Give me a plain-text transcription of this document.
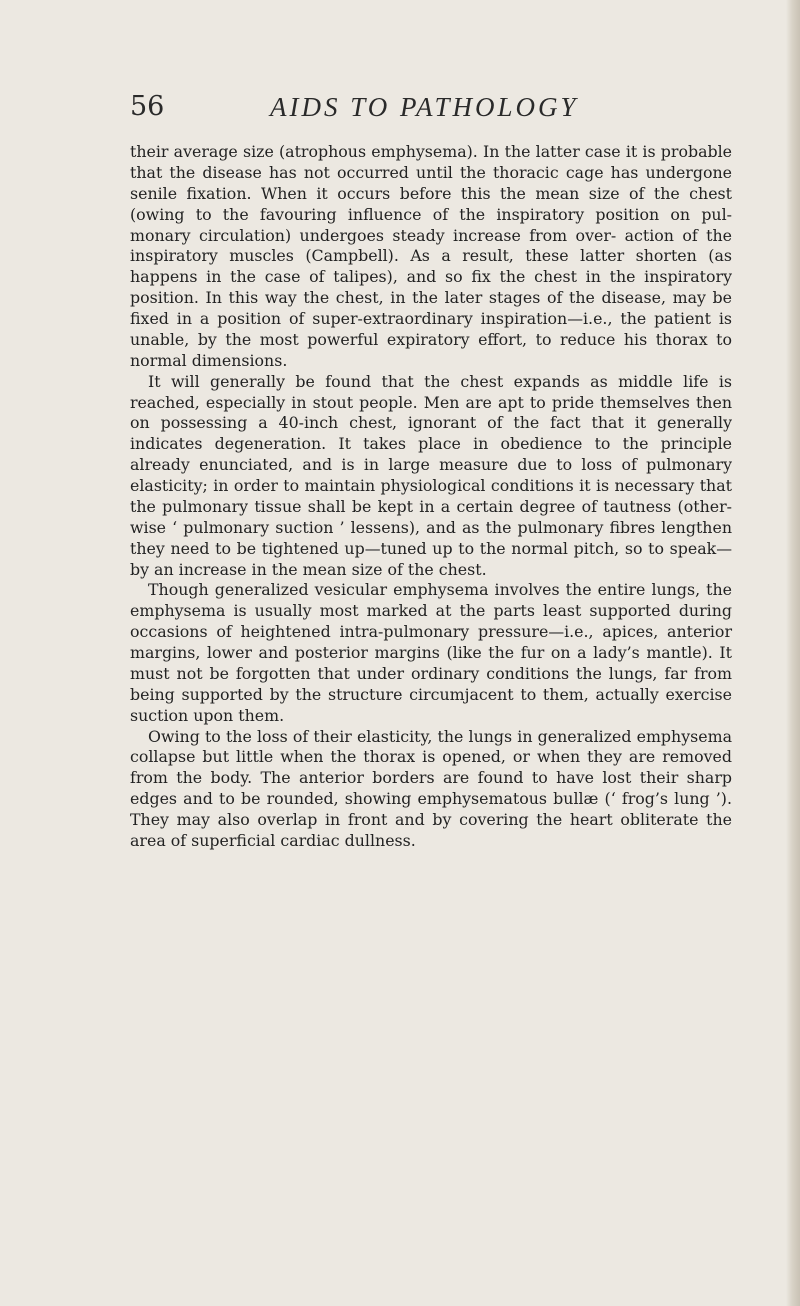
56	AIDS TO PATHOLOGY

their average size (atrophous emphysema). In the latter case it is probable that the disease has not occurred until the thoracic cage has undergone senile fixation. When it occurs before this the mean size of the chest (owing to the favouring influence of the inspiratory position on pul- monary circulation) undergoes steady increase from over- action of the inspiratory muscles (Campbell). As a result, these latter shorten (as happens in the case of talipes), and so fix the chest in the inspiratory position. In this way the chest, in the later stages of the disease, may be fixed in a position of super-extraordinary inspiration—i.e., the patient is unable, by the most powerful expiratory effort, to reduce his thorax to normal dimensions.

It will generally be found that the chest expands as middle life is reached, especially in stout people. Men are apt to pride themselves then on possessing a 40-inch chest, ignorant of the fact that it generally indicates degeneration. It takes place in obedience to the principle already enunciated, and is in large measure due to loss of pulmonary elasticity; in order to maintain physiological conditions it is necessary that the pulmonary tissue shall be kept in a certain degree of tautness (other- wise ‘ pulmonary suction ’ lessens), and as the pulmonary fibres lengthen they need to be tightened up—tuned up to the normal pitch, so to speak—by an increase in the mean size of the chest.

Though generalized vesicular emphysema involves the entire lungs, the emphysema is usually most marked at the parts least supported during occasions of heightened intra-pulmonary pressure—i.e., apices, anterior margins, lower and posterior margins (like the fur on a lady’s mantle). It must not be forgotten that under ordinary conditions the lungs, far from being supported by the structure circumjacent to them, actually exercise suction upon them.

Owing to the loss of their elasticity, the lungs in generalized emphysema collapse but little when the thorax is opened, or when they are removed from the body. The anterior borders are found to have lost their sharp edges and to be rounded, showing emphysematous bullæ (‘ frog’s lung ’). They may also overlap in front and by covering the heart obliterate the area of superficial cardiac dullness.
